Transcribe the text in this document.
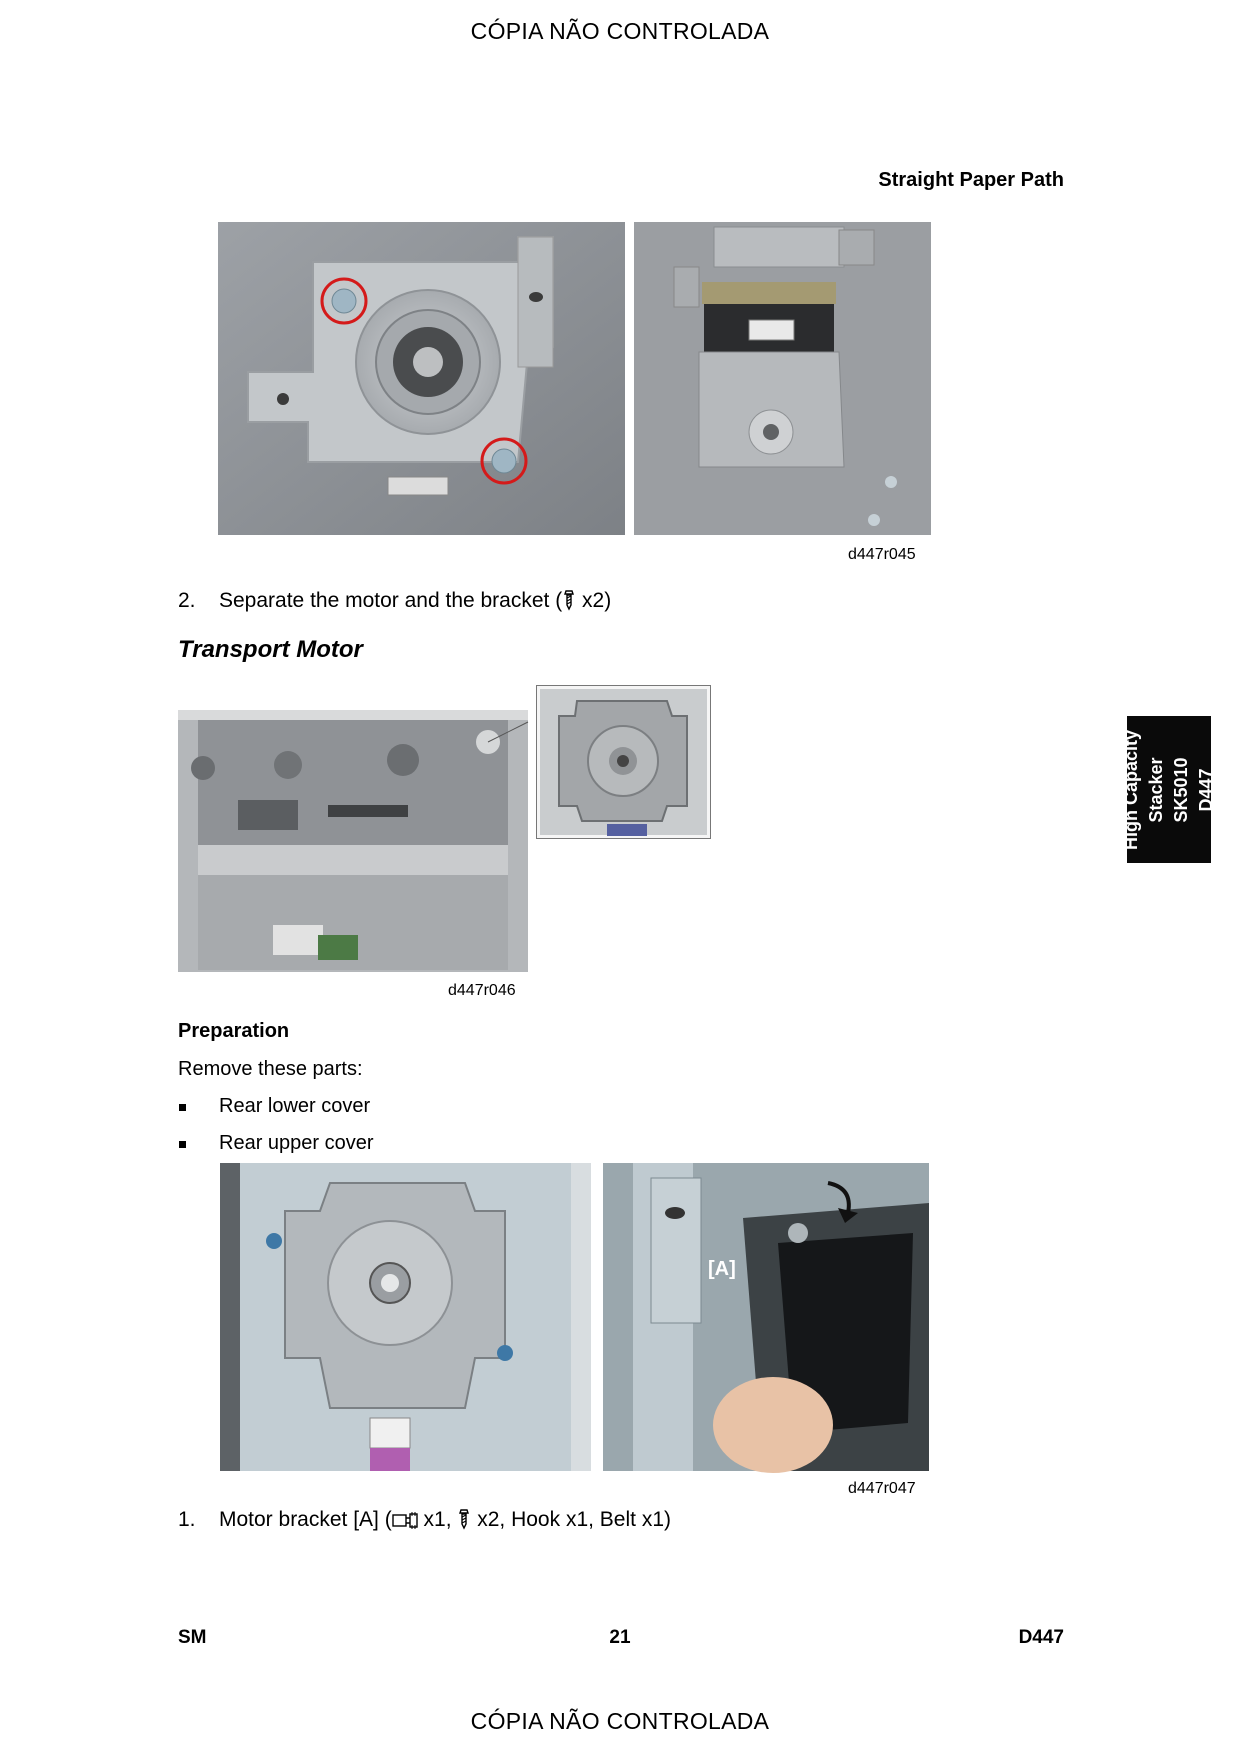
CÓPIA NÃO CONTROLADA
Straight Paper Path
d447r045
2. Separate the motor and the bracket ( x2)
Transport Motor
d447r046
Preparation
Remove these parts:
Rear lower cover
Rear upper cover
[A]
d447r047
1. Motor bracket [A] ( x1,  x2, Hook x1, Belt x1)
High Capacity Stacker SK5010 D447
SM	21	D447
CÓPIA NÃO CONTROLADA
